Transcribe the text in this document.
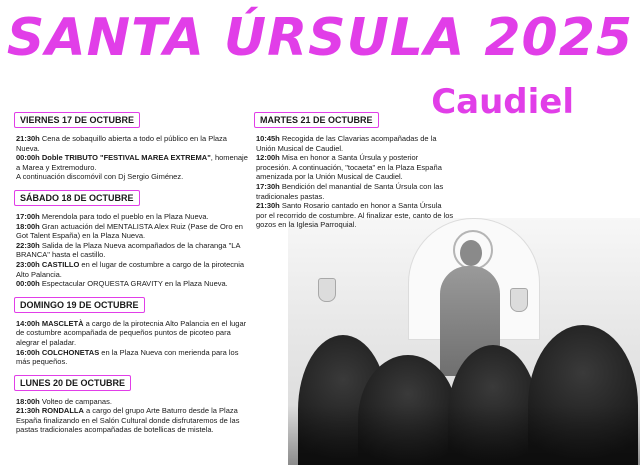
SANTA ÚRSULA 2025
Caudiel
VIERNES 17 DE OCTUBRE

21:30h Cena de sobaquillo abierta a todo el público en la Plaza Nueva.

00:00h Doble TRIBUTO "FESTIVAL MAREA EXTREMA", homenaje a Marea y Extremoduro.

A continuación discomóvil con Dj Sergio Giménez.

SÁBADO 18 DE OCTUBRE

17:00h Merendola para todo el pueblo en la Plaza Nueva.

18:00h Gran actuación del MENTALISTA Alex Ruiz (Pase de Oro en Got Talent España) en la Plaza Nueva.

22:30h Salida de la Plaza Nueva acompañados de la charanga "LA BRANCA" hasta el castillo.

23:00h CASTILLO en el lugar de costumbre a cargo de la pirotecnia Alto Palancia.

00:00h Espectacular ORQUESTA GRAVITY en la Plaza Nueva.

DOMINGO 19 DE OCTUBRE

14:00h MASCLETÀ a cargo de la pirotecnia Alto Palancia en el lugar de costumbre acompañada de pequeños puntos de picoteo para alegrar el paladar.

16:00h COLCHONETAS en la Plaza Nueva con merienda para los más pequeños.

LUNES 20 DE OCTUBRE

18:00h Volteo de campanas.

21:30h RONDALLA a cargo del grupo Arte Baturro desde la Plaza España finalizando en el Salón Cultural donde disfrutaremos de las pastas tradicionales acompañadas de botellicas de mistela.

MARTES 21 DE OCTUBRE

10:45h Recogida de las Clavarias acompañadas de la Unión Musical de Caudiel.

12:00h Misa en honor a Santa Úrsula y posterior procesión. A continuación, "tocaeta" en la Plaza España amenizada por la Unión Musical de Caudiel.

17:30h Bendición del manantial de Santa Úrsula con las tradicionales pastas.

21:30h Santo Rosario cantado en honor a Santa Úrsula por el recorrido de costumbre. Al finalizar este, canto de los gozos en la Iglesia Parroquial.
